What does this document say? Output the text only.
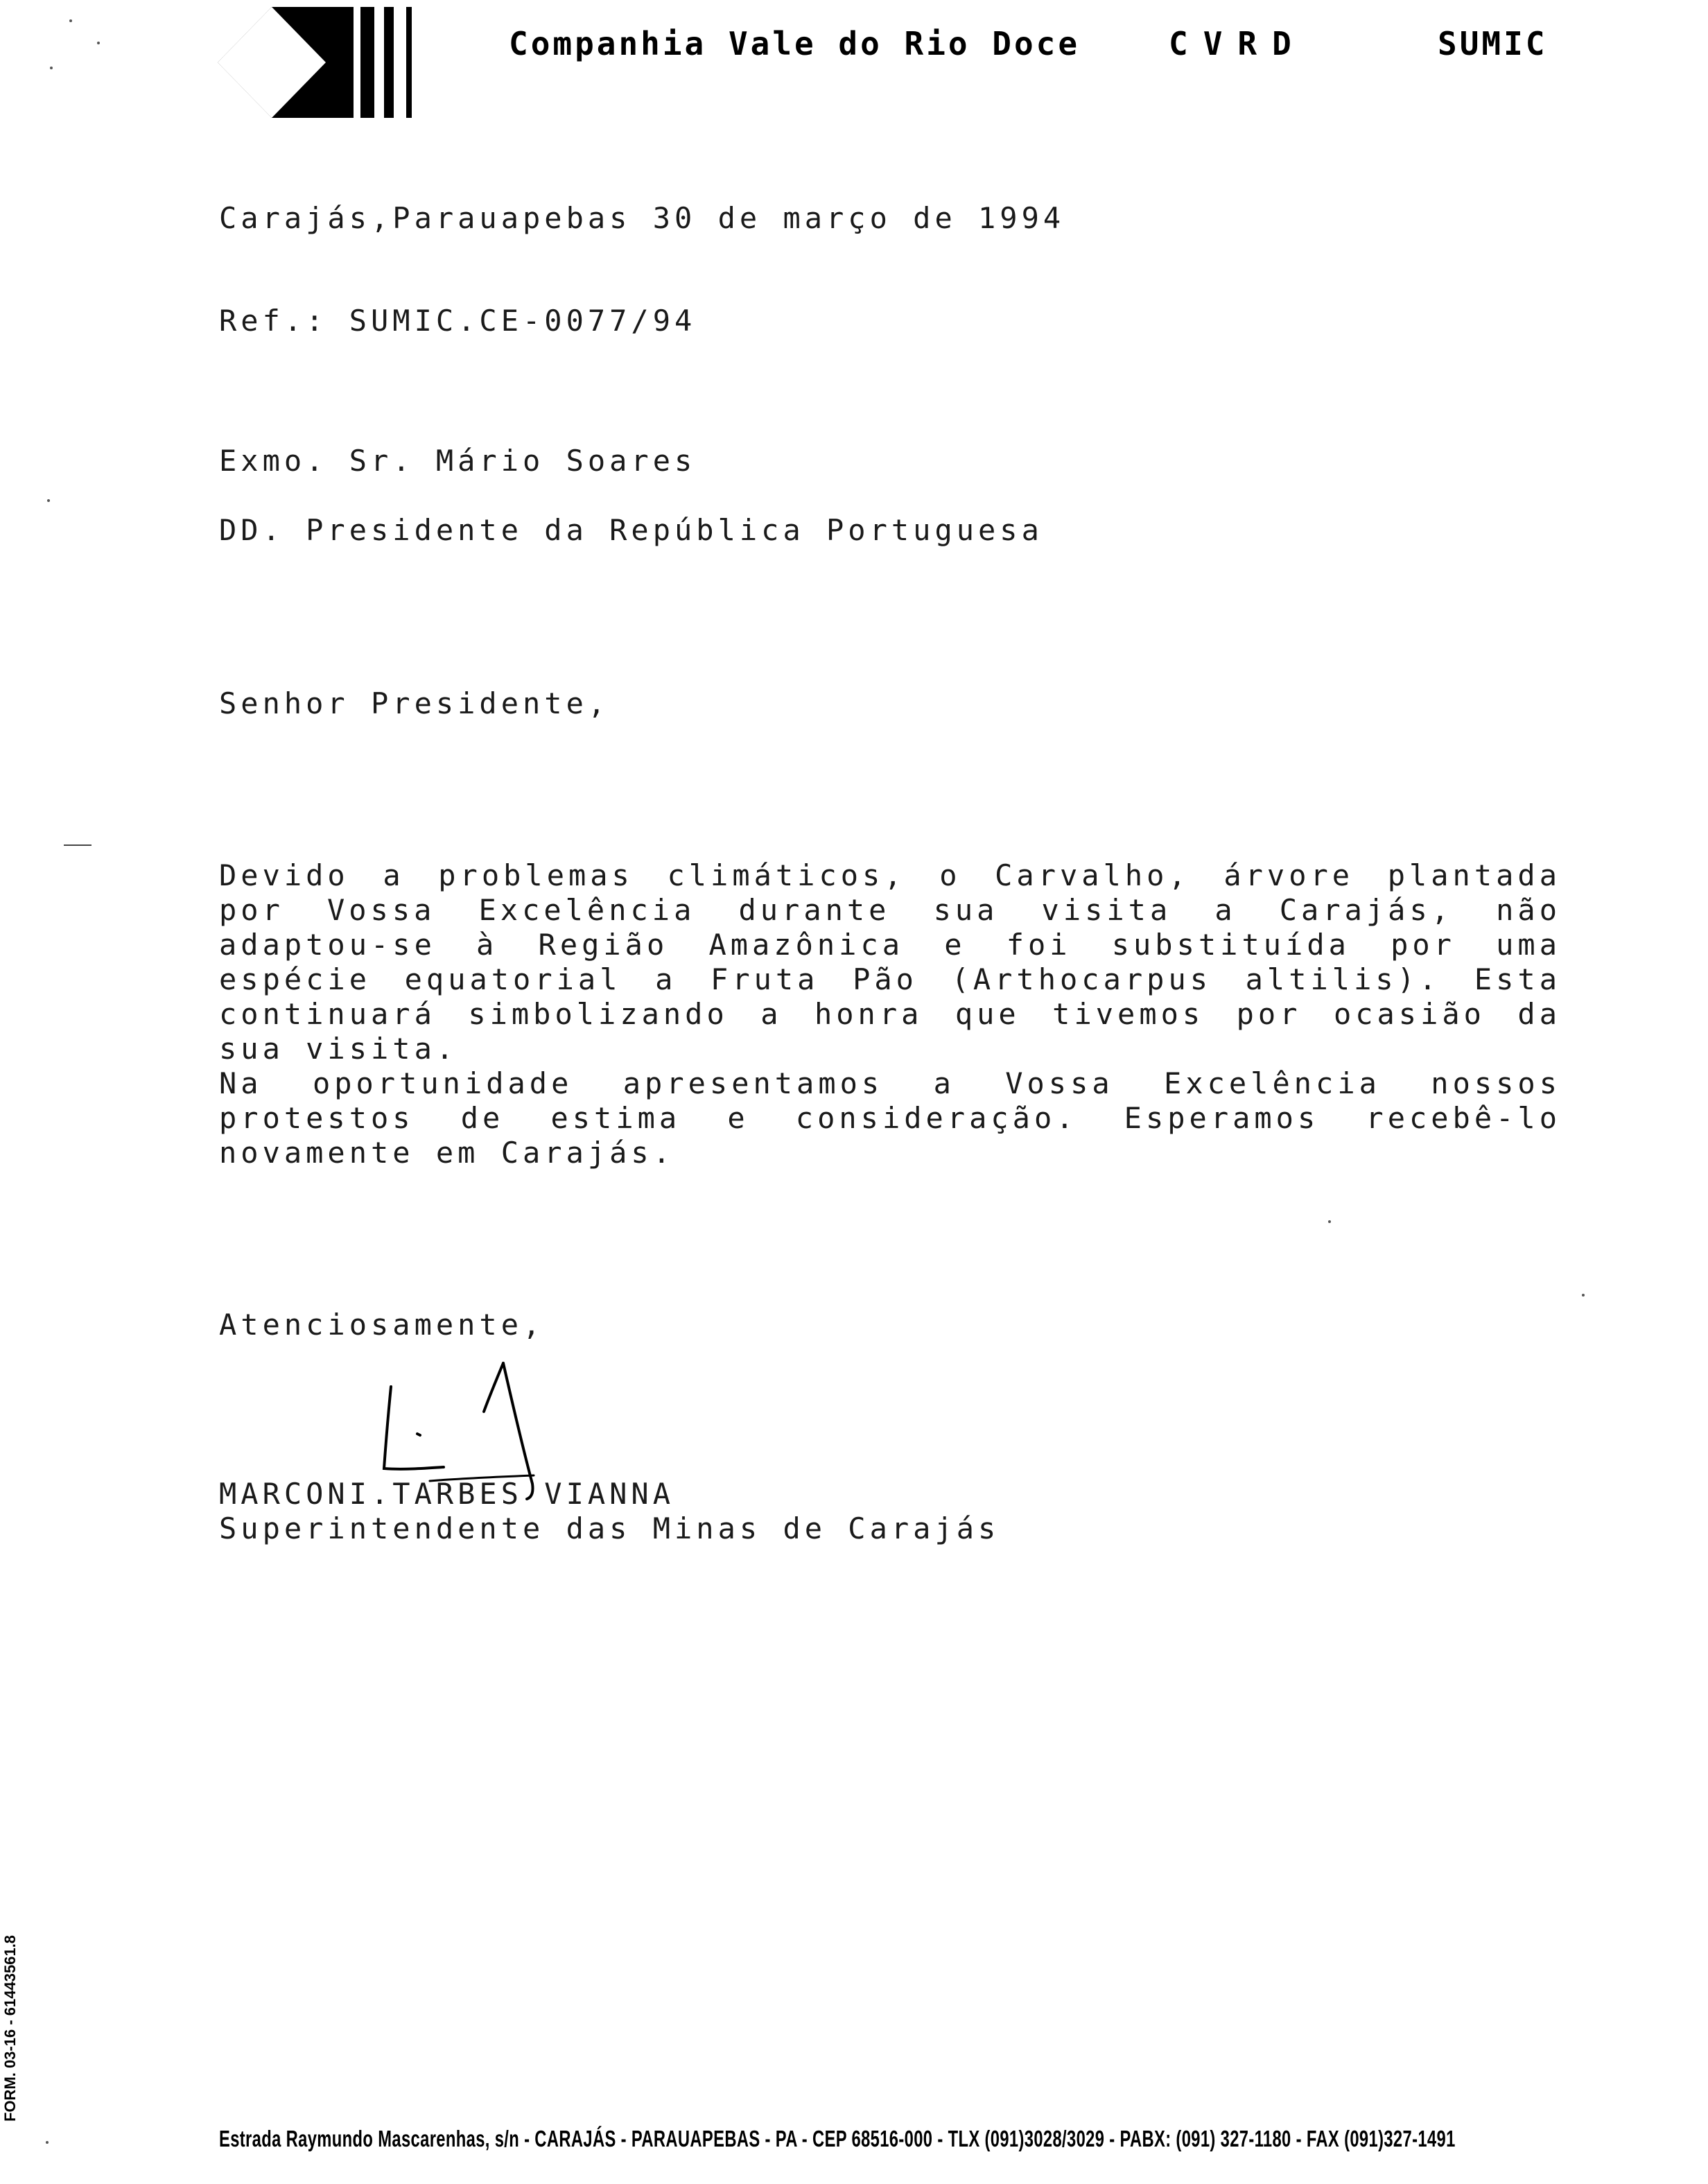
Companhia Vale do Rio Doce	CVRD	SUMIC
Carajás,Parauapebas 30 de março de 1994
Ref.: SUMIC.CE-0077/94
Exmo. Sr. Mário Soares
DD. Presidente da República Portuguesa
Senhor Presidente,

Devido a problemas climáticos, o Carvalho, árvore plantada por Vossa Excelência durante sua visita a Carajás, não adaptou-se à Região Amazônica e foi substituída por uma espécie equatorial a Fruta Pão (Arthocarpus altilis). Esta continuará simbolizando a honra que tivemos por ocasião da sua visita.

Na oportunidade apresentamos a Vossa Excelência nossos protestos de estima e consideração. Esperamos recebê-lo novamente em Carajás.

Atenciosamente,
MARCONI.TARBES VIANNA
Superintendente das Minas de Carajás
Estrada Raymundo Mascarenhas, s/n - CARAJÁS - PARAUAPEBAS - PA - CEP 68516-000 - TLX (091)3028/3029 - PABX: (091) 327-1180 - FAX (091)327-1491
FORM. 03-16 - 61443561.8
